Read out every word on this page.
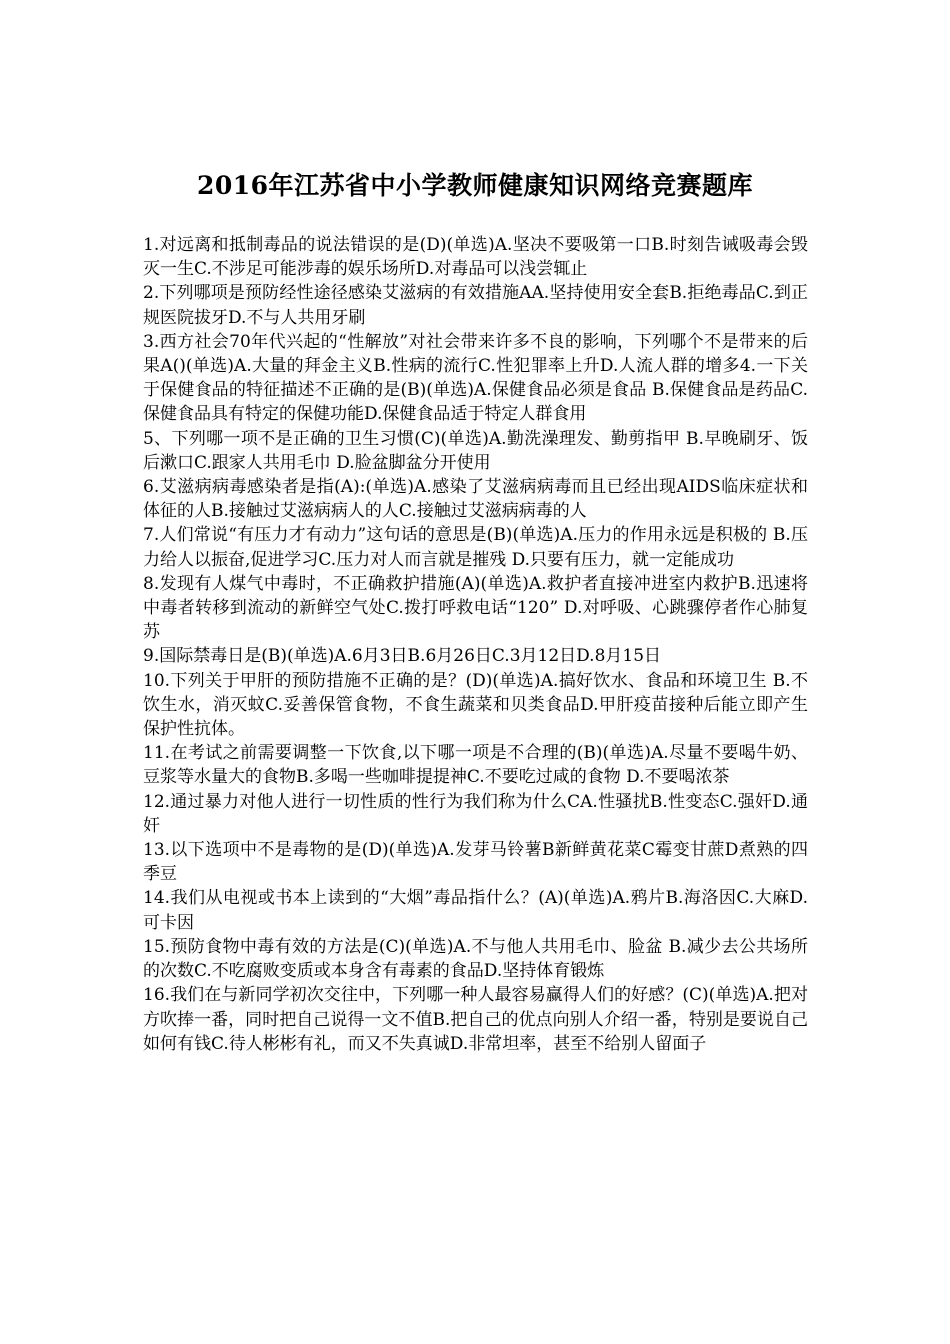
2016年江苏省中小学教师健康知识网络竞赛题库

1.对远离和抵制毒品的说法错误的是(D)(单选)A.坚决不要吸第一口B.时刻告诫吸毒会毁灭一生C.不涉足可能涉毒的娱乐场所D.对毒品可以浅尝辄止

2.下列哪项是预防经性途径感染艾滋病的有效措施AA.坚持使用安全套B.拒绝毒品C.到正规医院拔牙D.不与人共用牙刷

3.西方社会70年代兴起的“性解放”对社会带来许多不良的影响，下列哪个不是带来的后果A()(单选)A.大量的拜金主义B.性病的流行C.性犯罪率上升D.人流人群的增多4.一下关于保健食品的特征描述不正确的是(B)(单选)A.保健食品必须是食品 B.保健食品是药品C.保健食品具有特定的保健功能D.保健食品适于特定人群食用

5、下列哪一项不是正确的卫生习惯(C)(单选)A.勤洗澡理发、勤剪指甲 B.早晚刷牙、饭后漱口C.跟家人共用毛巾 D.脸盆脚盆分开使用

6.艾滋病病毒感染者是指(A):(单选)A.感染了艾滋病病毒而且已经出现AIDS临床症状和体征的人B.接触过艾滋病病人的人C.接触过艾滋病病毒的人

7.人们常说“有压力才有动力”这句话的意思是(B)(单选)A.压力的作用永远是积极的 B.压力给人以振奋,促进学习C.压力对人而言就是摧残 D.只要有压力，就一定能成功

8.发现有人煤气中毒时，不正确救护措施(A)(单选)A.救护者直接冲进室内救护B.迅速将中毒者转移到流动的新鲜空气处C.拨打呼救电话“120” D.对呼吸、心跳骤停者作心肺复苏

9.国际禁毒日是(B)(单选)A.6月3日B.6月26日C.3月12日D.8月15日

10.下列关于甲肝的预防措施不正确的是？(D)(单选)A.搞好饮水、食品和环境卫生 B.不饮生水，消灭蚊C.妥善保管食物，不食生蔬菜和贝类食品D.甲肝疫苗接种后能立即产生保护性抗体。

11.在考试之前需要调整一下饮食,以下哪一项是不合理的(B)(单选)A.尽量不要喝牛奶、豆浆等水量大的食物B.多喝一些咖啡提提神C.不要吃过咸的食物 D.不要喝浓茶

12.通过暴力对他人进行一切性质的性行为我们称为什么CA.性骚扰B.性变态C.强奸D.通奸

13.以下选项中不是毒物的是(D)(单选)A.发芽马铃薯B新鲜黄花菜C霉变甘蔗D煮熟的四季豆

14.我们从电视或书本上读到的“大烟”毒品指什么？(A)(单选)A.鸦片B.海洛因C.大麻D.可卡因

15.预防食物中毒有效的方法是(C)(单选)A.不与他人共用毛巾、脸盆 B.减少去公共场所的次数C.不吃腐败变质或本身含有毒素的食品D.坚持体育锻炼

16.我们在与新同学初次交往中，下列哪一种人最容易赢得人们的好感？(C)(单选)A.把对方吹捧一番，同时把自己说得一文不值B.把自己的优点向别人介绍一番，特别是要说自己如何有钱C.待人彬彬有礼，而又不失真诚D.非常坦率，甚至不给别人留面子
